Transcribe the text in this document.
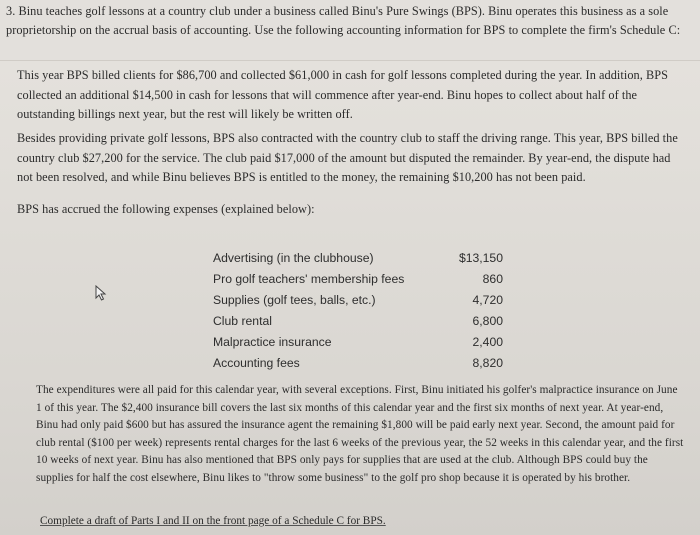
3. Binu teaches golf lessons at a country club under a business called Binu's Pure Swings (BPS). Binu operates this business as a sole proprietorship on the accrual basis of accounting. Use the following accounting information for BPS to complete the firm's Schedule C:
This year BPS billed clients for $86,700 and collected $61,000 in cash for golf lessons completed during the year. In addition, BPS collected an additional $14,500 in cash for lessons that will commence after year-end. Binu hopes to collect about half of the outstanding billings next year, but the rest will likely be written off.
Besides providing private golf lessons, BPS also contracted with the country club to staff the driving range. This year, BPS billed the country club $27,200 for the service. The club paid $17,000 of the amount but disputed the remainder. By year-end, the dispute had not been resolved, and while Binu believes BPS is entitled to the money, the remaining $10,200 has not been paid.
BPS has accrued the following expenses (explained below):
Advertising (in the clubhouse)	$13,150
Pro golf teachers' membership fees	860
Supplies (golf tees, balls, etc.)	4,720
Club rental	6,800
Malpractice insurance	2,400
Accounting fees	8,820
The expenditures were all paid for this calendar year, with several exceptions. First, Binu initiated his golfer's malpractice insurance on June 1 of this year. The $2,400 insurance bill covers the last six months of this calendar year and the first six months of next year. At year-end, Binu had only paid $600 but has assured the insurance agent the remaining $1,800 will be paid early next year. Second, the amount paid for club rental ($100 per week) represents rental charges for the last 6 weeks of the previous year, the 52 weeks in this calendar year, and the first 10 weeks of next year. Binu has also mentioned that BPS only pays for supplies that are used at the club. Although BPS could buy the supplies for half the cost elsewhere, Binu likes to "throw some business" to the golf pro shop because it is operated by his brother.
Complete a draft of Parts I and II on the front page of a Schedule C for BPS.
